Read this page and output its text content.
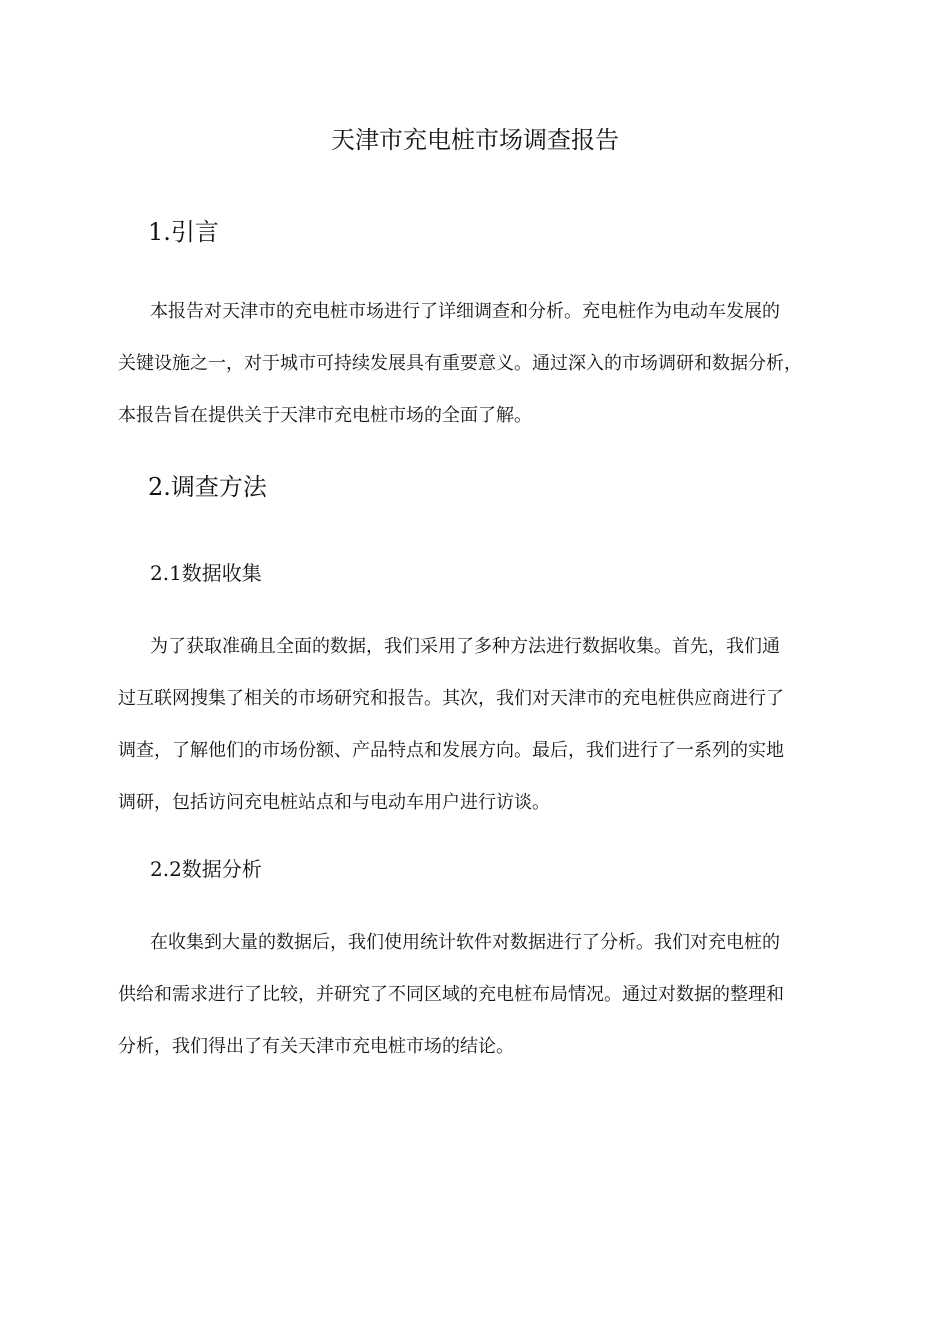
天津市充电桩市场调查报告
1.引言
本报告对天津市的充电桩市场进行了详细调查和分析。充电桩作为电动车发展的
关键设施之一，对于城市可持续发展具有重要意义。通过深入的市场调研和数据分析，
本报告旨在提供关于天津市充电桩市场的全面了解。
2.调查方法
2.1数据收集
为了获取准确且全面的数据，我们采用了多种方法进行数据收集。首先，我们通
过互联网搜集了相关的市场研究和报告。其次，我们对天津市的充电桩供应商进行了
调查，了解他们的市场份额、产品特点和发展方向。最后，我们进行了一系列的实地
调研，包括访问充电桩站点和与电动车用户进行访谈。
2.2数据分析
在收集到大量的数据后，我们使用统计软件对数据进行了分析。我们对充电桩的
供给和需求进行了比较，并研究了不同区域的充电桩布局情况。通过对数据的整理和
分析，我们得出了有关天津市充电桩市场的结论。
